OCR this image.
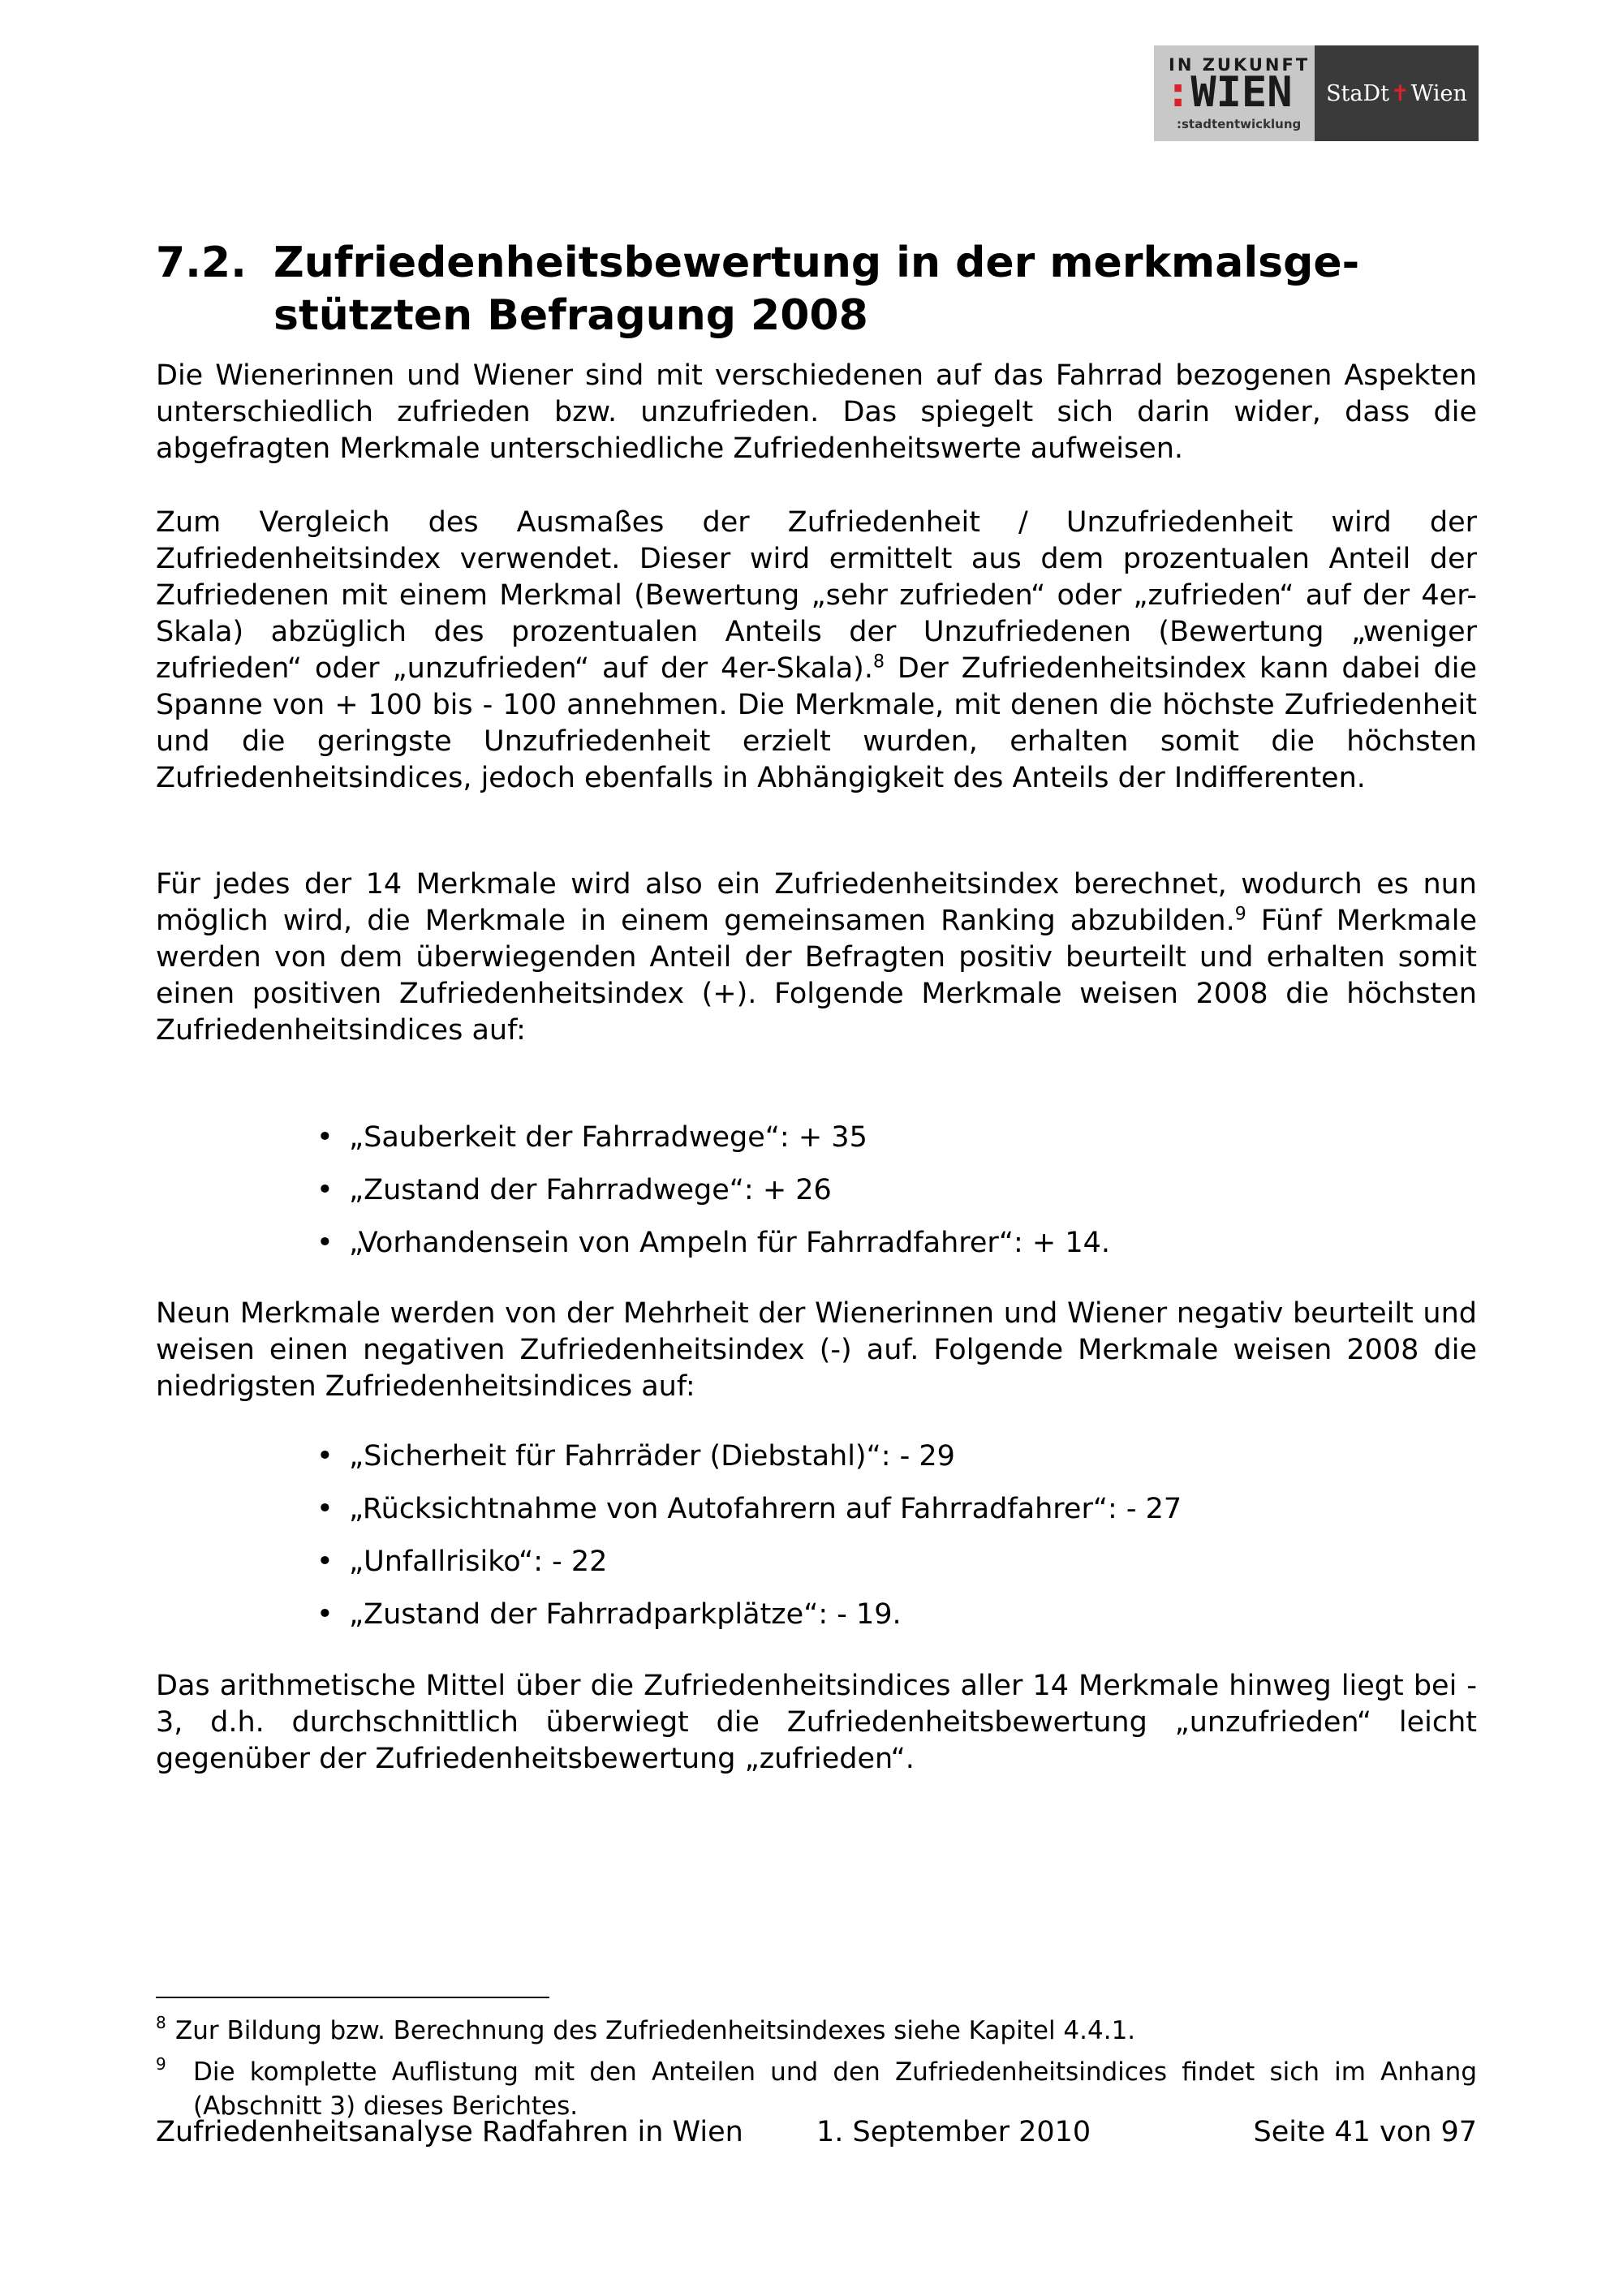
IN ZUKUNFT
:WIEN
:stadtentwicklung
StaDt ✝ Wien
7.2. Zufriedenheitsbewertung in der merkmalsgestützten Befragung 2008

Die Wienerinnen und Wiener sind mit verschiedenen auf das Fahrrad bezogenen Aspekten unterschiedlich zufrieden bzw. unzufrieden. Das spiegelt sich darin wider, dass die abgefragten Merkmale unterschiedliche Zufriedenheitswerte aufweisen.

Zum Vergleich des Ausmaßes der Zufriedenheit / Unzufriedenheit wird der Zufriedenheitsindex verwendet. Dieser wird ermittelt aus dem prozentualen Anteil der Zufriedenen mit einem Merkmal (Bewertung „sehr zufrieden“ oder „zufrieden“ auf der 4er-Skala) abzüglich des prozentualen Anteils der Unzufriedenen (Bewertung „weniger zufrieden“ oder „unzufrieden“ auf der 4er-Skala).$^8$ Der Zufriedenheitsindex kann dabei die Spanne von + 100 bis - 100 annehmen. Die Merkmale, mit denen die höchste Zufriedenheit und die geringste Unzufriedenheit erzielt wurden, erhalten somit die höchsten Zufriedenheitsindices, jedoch ebenfalls in Abhängigkeit des Anteils der Indifferenten.

Für jedes der 14 Merkmale wird also ein Zufriedenheitsindex berechnet, wodurch es nun möglich wird, die Merkmale in einem gemeinsamen Ranking abzubilden.$^9$ Fünf Merkmale werden von dem überwiegenden Anteil der Befragten positiv beurteilt und erhalten somit einen positiven Zufriedenheitsindex (+). Folgende Merkmale weisen 2008 die höchsten Zufriedenheitsindices auf:

• „Sauberkeit der Fahrradwege“: + 35
• „Zustand der Fahrradwege“: + 26
• „Vorhandensein von Ampeln für Fahrradfahrer“: + 14.

Neun Merkmale werden von der Mehrheit der Wienerinnen und Wiener negativ beurteilt und weisen einen negativen Zufriedenheitsindex (-) auf. Folgende Merkmale weisen 2008 die niedrigsten Zufriedenheitsindices auf:

• „Sicherheit für Fahrräder (Diebstahl)“: - 29
• „Rücksichtnahme von Autofahrern auf Fahrradfahrer“: - 27
• „Unfallrisiko“: - 22
• „Zustand der Fahrradparkplätze“: - 19.

Das arithmetische Mittel über die Zufriedenheitsindices aller 14 Merkmale hinweg liegt bei - 3, d.h. durchschnittlich überwiegt die Zufriedenheitsbewertung „unzufrieden“ leicht gegenüber der Zufriedenheitsbewertung „zufrieden“.

8 Zur Bildung bzw. Berechnung des Zufriedenheitsindexes siehe Kapitel 4.4.1.
9 Die komplette Auflistung mit den Anteilen und den Zufriedenheitsindices findet sich im Anhang (Abschnitt 3) dieses Berichtes.
Zufriedenheitsanalyse Radfahren in Wien	1. September 2010	Seite 41 von 97
